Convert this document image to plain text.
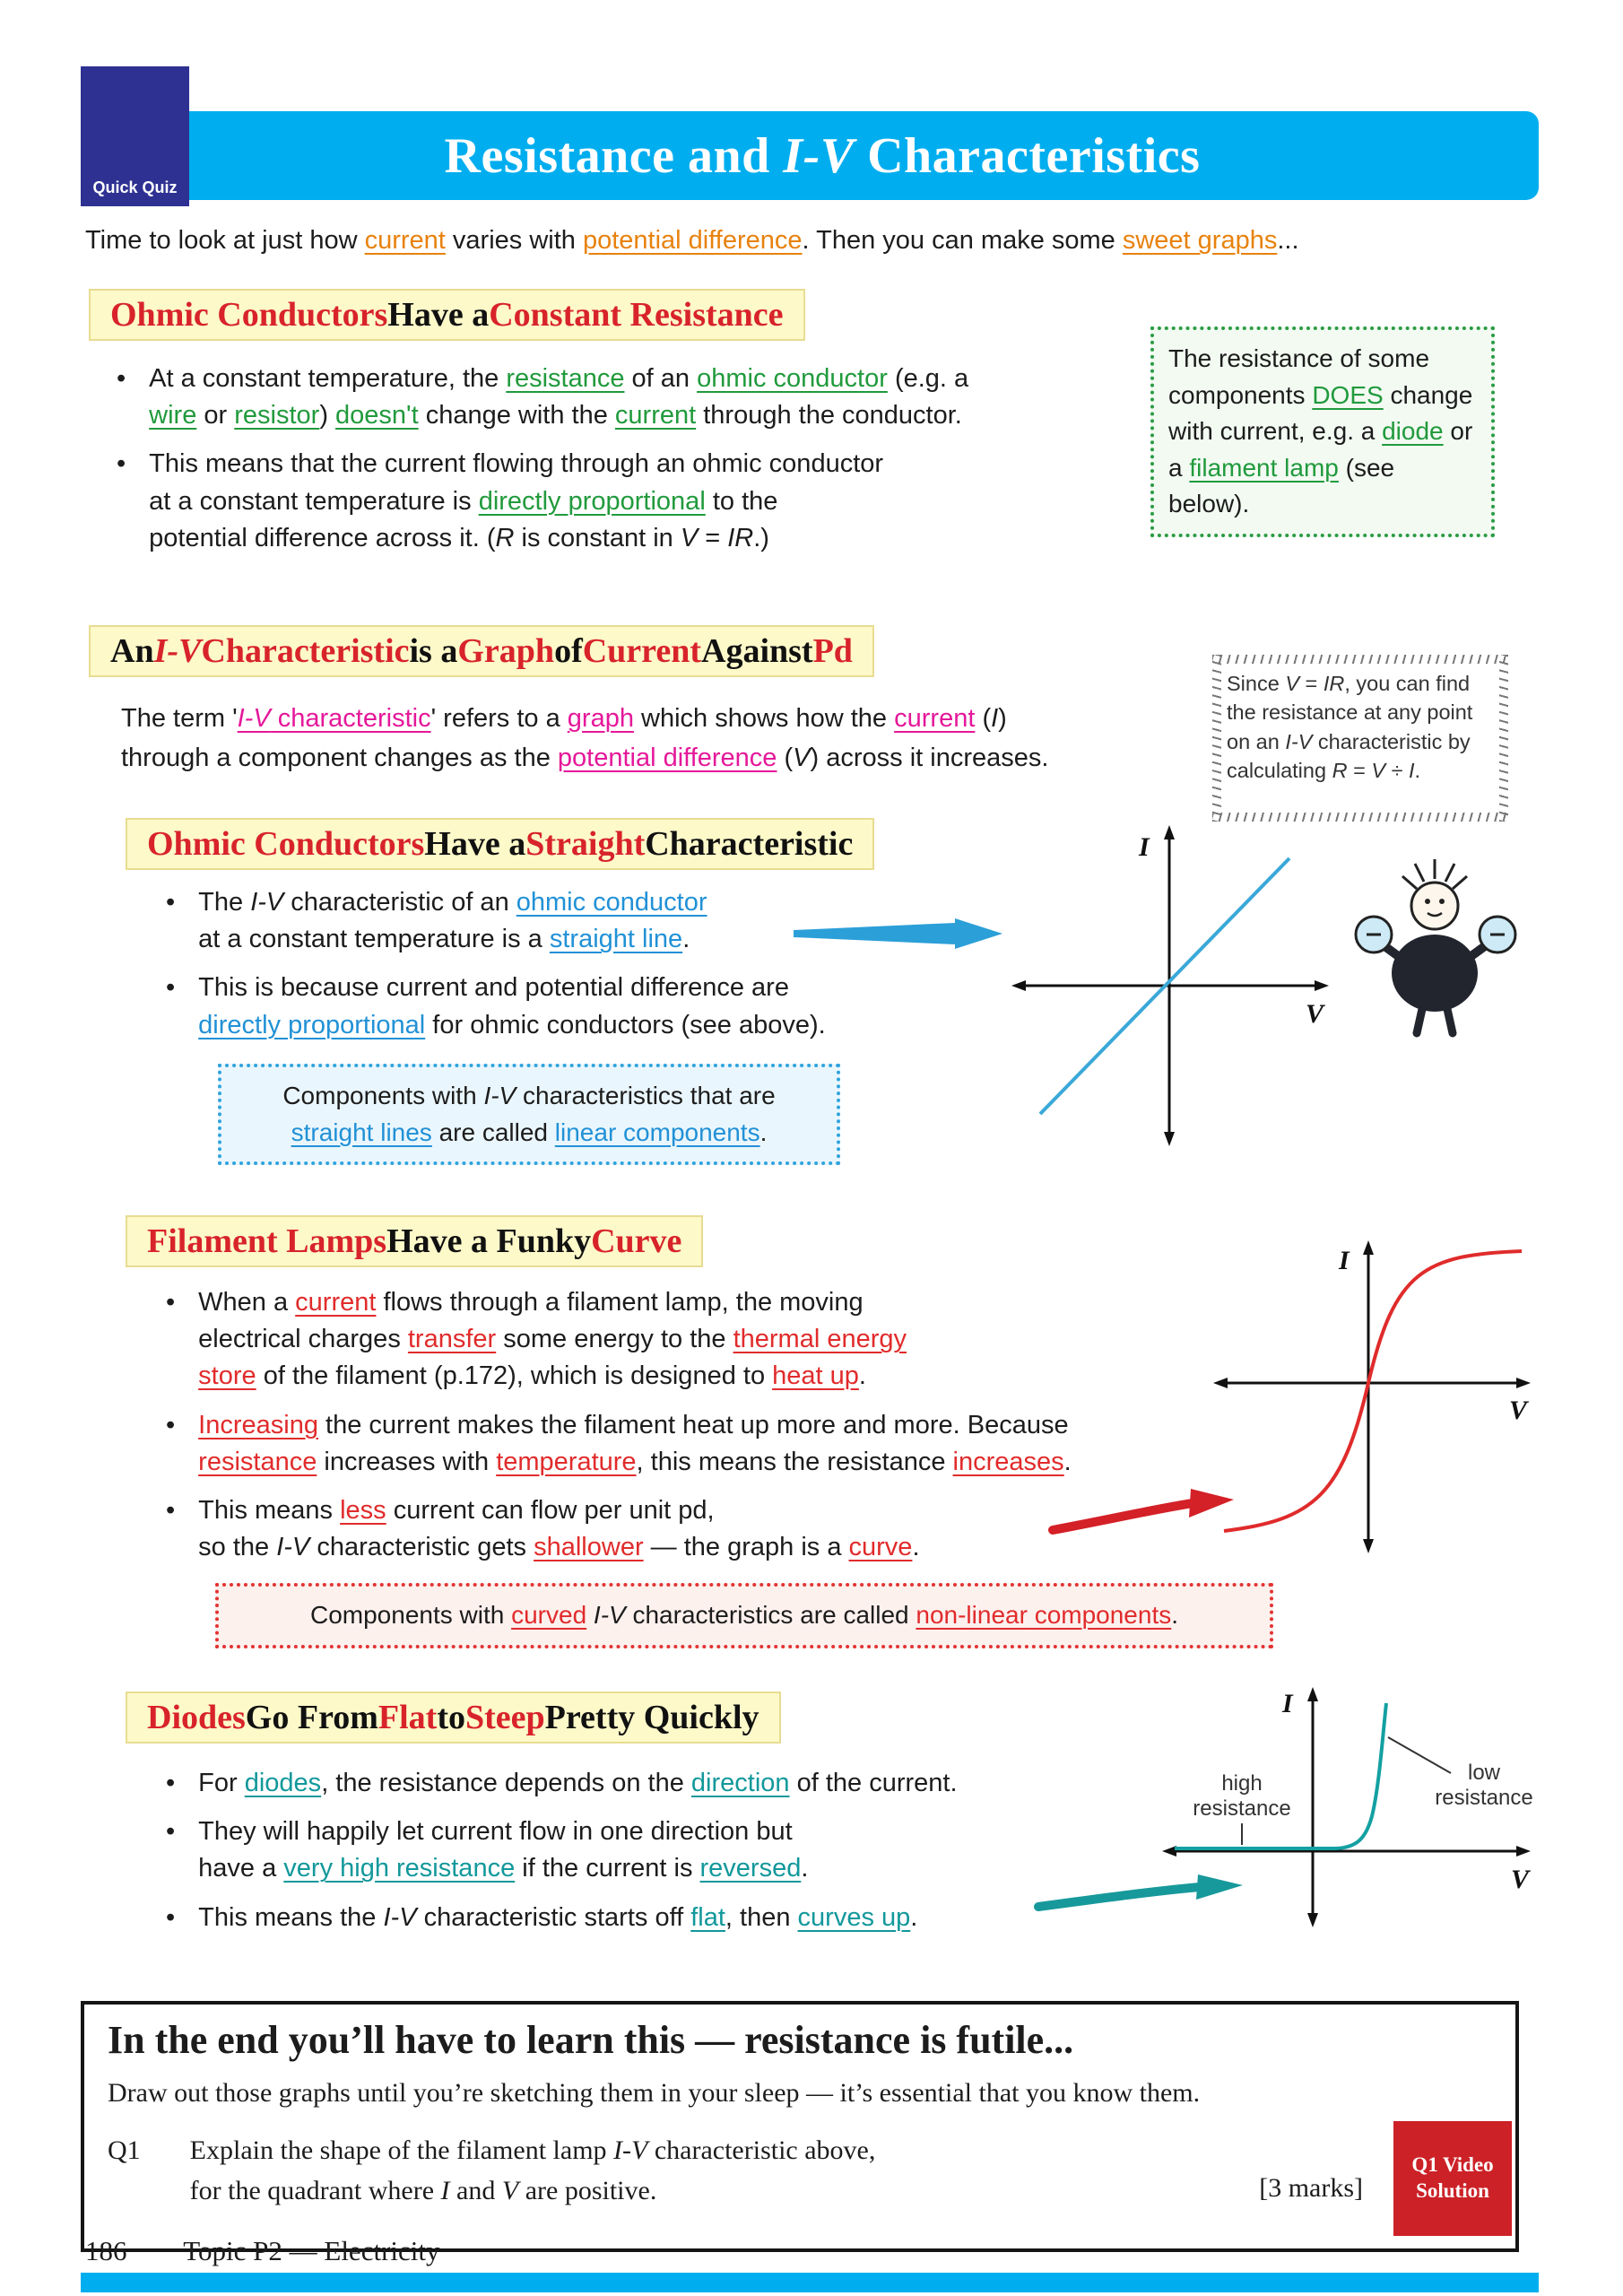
Resistance and I-V Characteristics
Quick Quiz
Time to look at just how current varies with potential difference. Then you can make some sweet graphs...
Ohmic Conductors Have a Constant Resistance
• At a constant temperature, the resistance of an ohmic conductor (e.g. a
wire or resistor) doesn't change with the current through the conductor.
• This means that the current flowing through an ohmic conductor
at a constant temperature is directly proportional to the
potential difference across it. (R is constant in V = IR.)
The resistance of some components DOES change with current, e.g. a diode or a filament lamp (see below).
An I-V Characteristic is a Graph of Current Against Pd
The term 'I-V characteristic' refers to a graph which shows how the current (I)
through a component changes as the potential difference (V) across it increases.
Since V = IR, you can find the resistance at any point on an I-V characteristic by calculating R = V ÷ I.
Ohmic Conductors Have a Straight Characteristic
• The I-V characteristic of an ohmic conductor
at a constant temperature is a straight line.
• This is because current and potential difference are
directly proportional for ohmic conductors (see above).
Components with I-V characteristics that are
straight lines are called linear components.
I
V
Filament Lamps Have a Funky Curve
• When a current flows through a filament lamp, the moving
electrical charges transfer some energy to the thermal energy
store of the filament (p.172), which is designed to heat up.
• Increasing the current makes the filament heat up more and more. Because
resistance increases with temperature, this means the resistance increases.
• This means less current can flow per unit pd,
so the I-V characteristic gets shallower — the graph is a curve.
Components with curved I-V characteristics are called non-linear components.
I
V
Diodes Go From Flat to Steep Pretty Quickly
• For diodes, the resistance depends on the direction of the current.
• They will happily let current flow in one direction but
have a very high resistance if the current is reversed.
• This means the I-V characteristic starts off flat, then curves up.
I
V
high resistance
low resistance
In the end you’ll have to learn this — resistance is futile...
Draw out those graphs until you’re sketching them in your sleep — it’s essential that you know them.
Q1 Explain the shape of the filament lamp I-V characteristic above,
for the quadrant where I and V are positive.	[3 marks]
Q1 Video Solution
186 Topic P2 — Electricity
